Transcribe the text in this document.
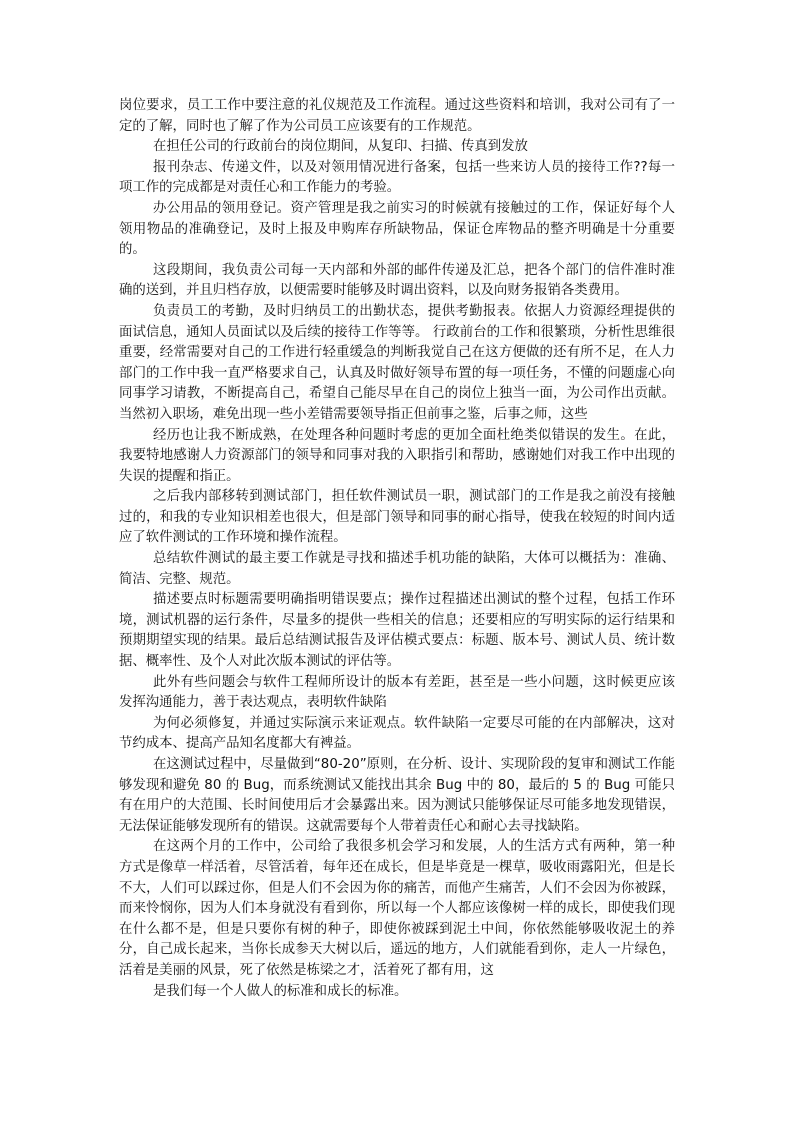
岗位要求，员工工作中要注意的礼仪规范及工作流程。通过这些资料和培训，我对公司有了一定的了解，同时也了解了作为公司员工应该要有的工作规范。

在担任公司的行政前台的岗位期间，从复印、扫描、传真到发放

报刊杂志、传递文件，以及对领用情况进行备案，包括一些来访人员的接待工作??每一项工作的完成都是对责任心和工作能力的考验。

办公用品的领用登记。资产管理是我之前实习的时候就有接触过的工作，保证好每个人领用物品的准确登记，及时上报及申购库存所缺物品，保证仓库物品的整齐明确是十分重要的。

这段期间，我负责公司每一天内部和外部的邮件传递及汇总，把各个部门的信件准时准确的送到，并且归档存放，以便需要时能够及时调出资料，以及向财务报销各类费用。

负责员工的考勤，及时归纳员工的出勤状态，提供考勤报表。依据人力资源经理提供的面试信息，通知人员面试以及后续的接待工作等等。 行政前台的工作和很繁琐，分析性思维很重要，经常需要对自己的工作进行轻重缓急的判断我觉自己在这方便做的还有所不足，在人力部门的工作中我一直严格要求自己，认真及时做好领导布置的每一项任务，不懂的问题虚心向同事学习请教，不断提高自己，希望自己能尽早在自己的岗位上独当一面，为公司作出贡献。当然初入职场，难免出现一些小差错需要领导指正但前事之鉴，后事之师，这些

经历也让我不断成熟，在处理各种问题时考虑的更加全面杜绝类似错误的发生。在此，我要特地感谢人力资源部门的领导和同事对我的入职指引和帮助，感谢她们对我工作中出现的失误的提醒和指正。

之后我内部移转到测试部门，担任软件测试员一职，测试部门的工作是我之前没有接触过的，和我的专业知识相差也很大，但是部门领导和同事的耐心指导，使我在较短的时间内适应了软件测试的工作环境和操作流程。

总结软件测试的最主要工作就是寻找和描述手机功能的缺陷，大体可以概括为：准确、简洁、完整、规范。

描述要点时标题需要明确指明错误要点；操作过程描述出测试的整个过程，包括工作环境，测试机器的运行条件，尽量多的提供一些相关的信息；还要相应的写明实际的运行结果和预期期望实现的结果。最后总结测试报告及评估模式要点：标题、版本号、测试人员、统计数据、概率性、及个人对此次版本测试的评估等。

此外有些问题会与软件工程师所设计的版本有差距，甚至是一些小问题，这时候更应该发挥沟通能力，善于表达观点，表明软件缺陷

为何必须修复，并通过实际演示来证观点。软件缺陷一定要尽可能的在内部解决，这对节约成本、提高产品知名度都大有裨益。

在这测试过程中，尽量做到“80-20”原则，在分析、设计、实现阶段的复审和测试工作能够发现和避免 80 的 Bug，而系统测试又能找出其余 Bug 中的 80，最后的 5 的 Bug 可能只有在用户的大范围、长时间使用后才会暴露出来。因为测试只能够保证尽可能多地发现错误，无法保证能够发现所有的错误。这就需要每个人带着责任心和耐心去寻找缺陷。

在这两个月的工作中，公司给了我很多机会学习和发展，人的生活方式有两种，第一种方式是像草一样活着，尽管活着，每年还在成长，但是毕竟是一棵草，吸收雨露阳光，但是长不大，人们可以踩过你，但是人们不会因为你的痛苦，而他产生痛苦，人们不会因为你被踩，而来怜悯你，因为人们本身就没有看到你，所以每一个人都应该像树一样的成长，即使我们现在什么都不是，但是只要你有树的种子，即使你被踩到泥土中间，你依然能够吸收泥土的养分，自己成长起来，当你长成参天大树以后，遥远的地方，人们就能看到你，走人一片绿色，活着是美丽的风景，死了依然是栋梁之才，活着死了都有用，这

是我们每一个人做人的标准和成长的标准。
